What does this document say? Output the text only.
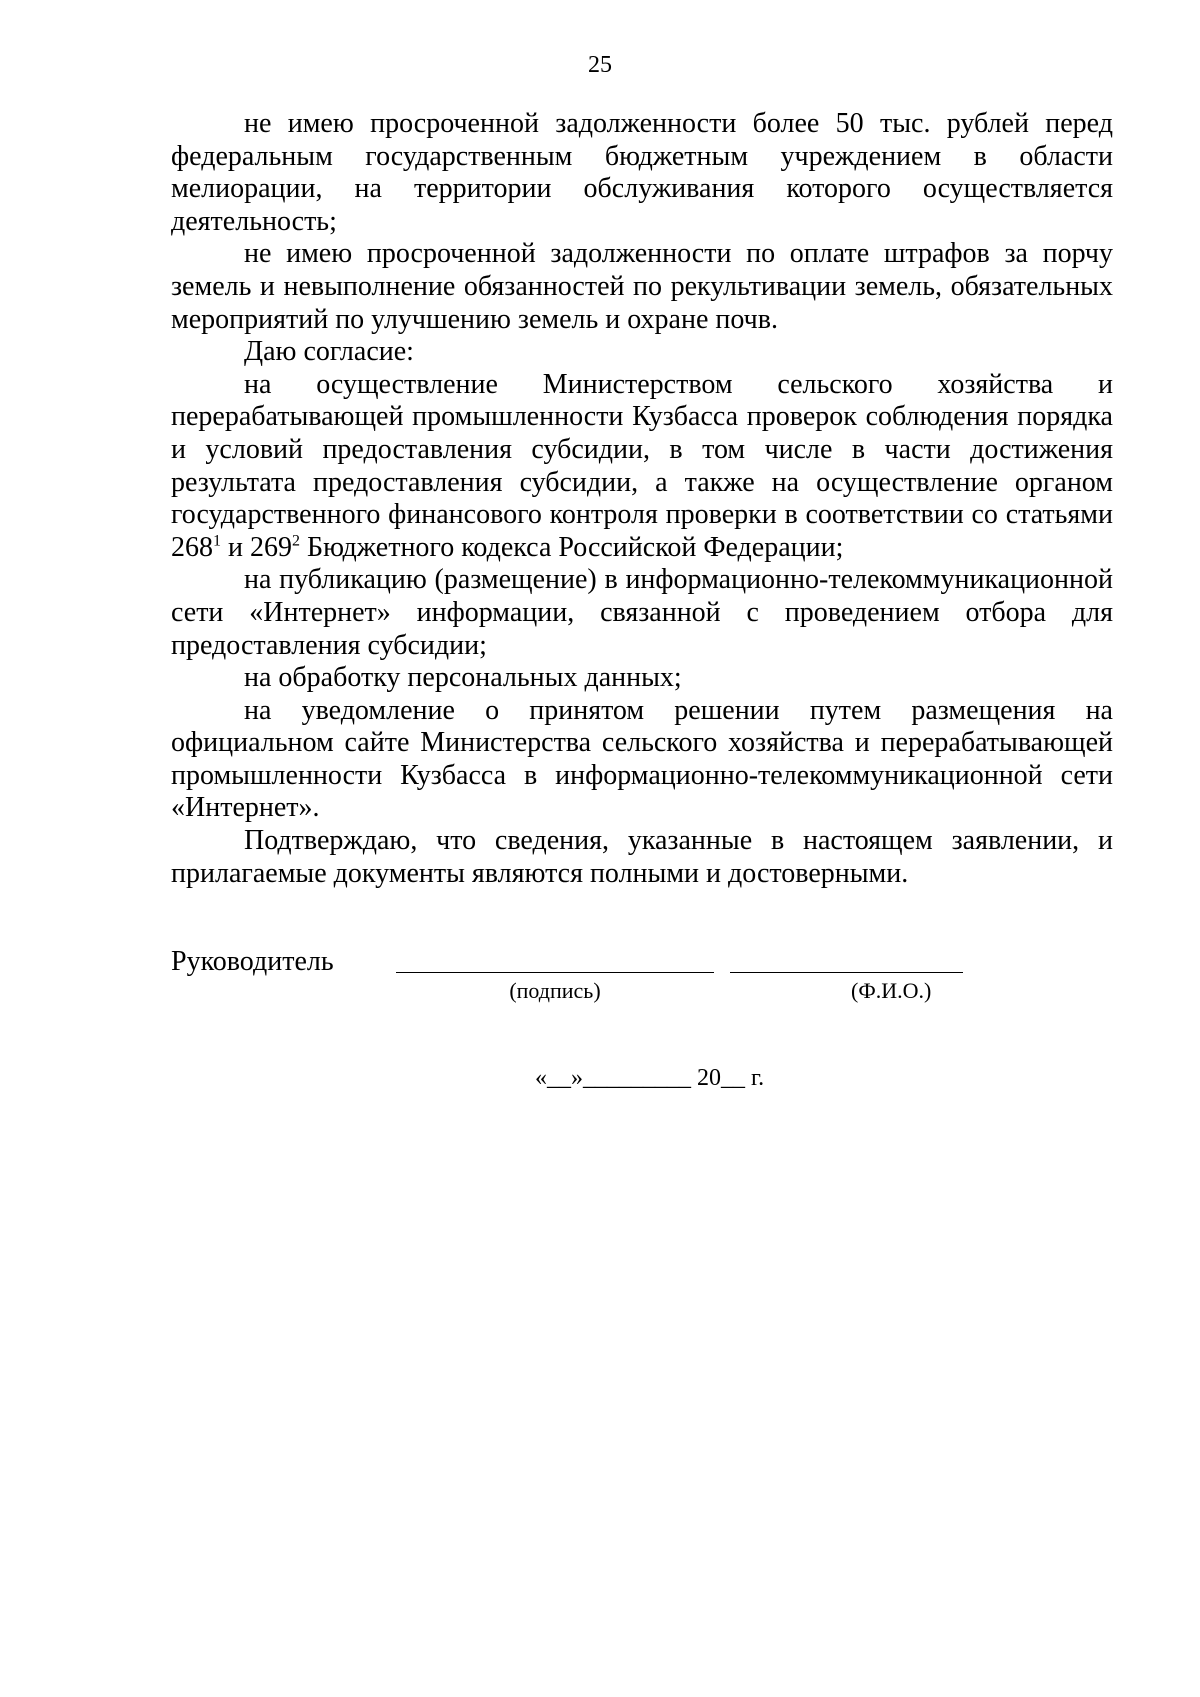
25

не имею просроченной задолженности более 50 тыс. рублей перед федеральным государственным бюджетным учреждением в области мелиорации, на территории обслуживания которого осуществляется деятельность;

не имею просроченной задолженности по оплате штрафов за порчу земель и невыполнение обязанностей по рекультивации земель, обязательных мероприятий по улучшению земель и охране почв.

Даю согласие:

на осуществление Министерством сельского хозяйства и перерабатывающей промышленности Кузбасса проверок соблюдения порядка и условий предоставления субсидии, в том числе в части достижения результата предоставления субсидии, а также на осуществление органом государственного финансового контроля проверки в соответствии со статьями $268^1$ и $269^2$ Бюджетного кодекса Российской Федерации;

на публикацию (размещение) в информационно-телекоммуникационной сети «Интернет» информации, связанной с проведением отбора для предоставления субсидии;

на обработку персональных данных;

на уведомление о принятом решении путем размещения на официальном сайте Министерства сельского хозяйства и перерабатывающей промышленности Кузбасса в информационно-телекоммуникационной сети «Интернет».

Подтверждаю, что сведения, указанные в настоящем заявлении, и прилагаемые документы являются полными и достоверными.

Руководитель
(подпись)	(Ф.И.О.)
«__»_________ 20__ г.
